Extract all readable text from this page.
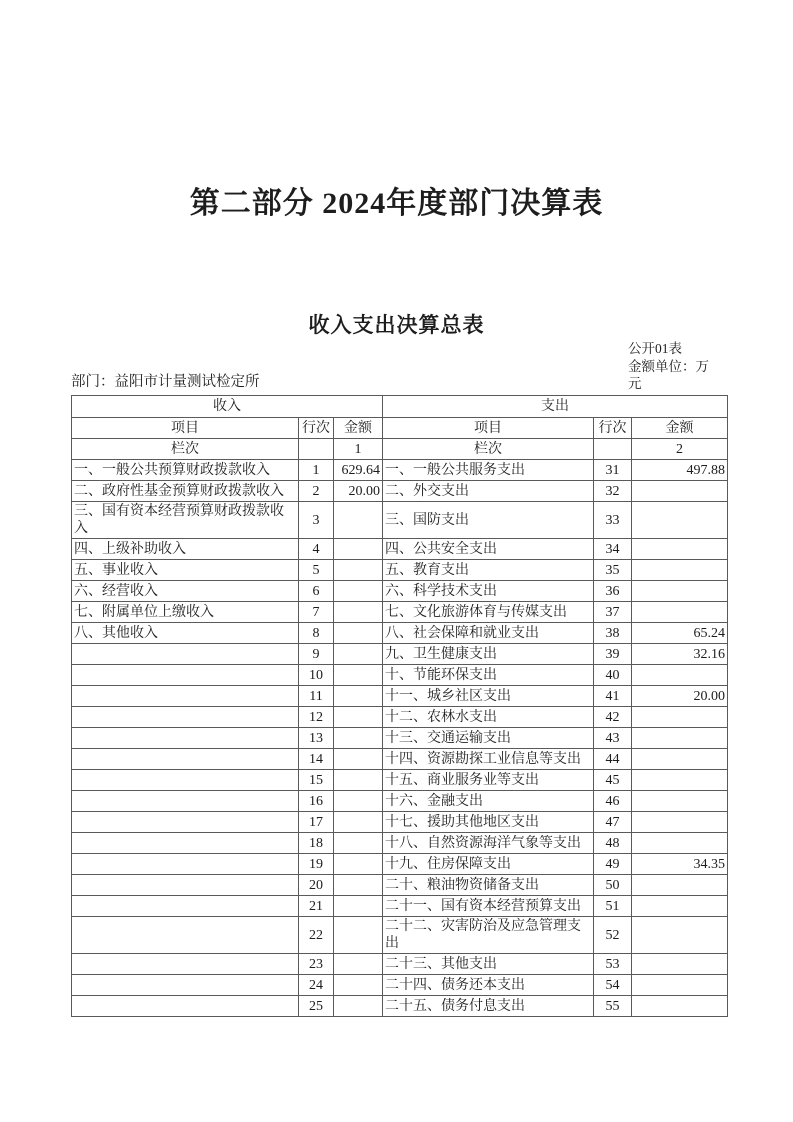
第二部分 2024年度部门决算表
收入支出决算总表
公开01表
金额单位：万元
部门：益阳市计量测试检定所
收入			支出		
项目	行次	金额	项目	行次	金额
栏次		1	栏次		2
一、一般公共预算财政拨款收入	1	629.64	一、一般公共服务支出	31	497.88
二、政府性基金预算财政拨款收入	2	20.00	二、外交支出	32	
三、国有资本经营预算财政拨款收入	3		三、国防支出	33	
四、上级补助收入	4		四、公共安全支出	34	
五、事业收入	5		五、教育支出	35	
六、经营收入	6		六、科学技术支出	36	
七、附属单位上缴收入	7		七、文化旅游体育与传媒支出	37	
八、其他收入	8		八、社会保障和就业支出	38	65.24
	9		九、卫生健康支出	39	32.16
	10		十、节能环保支出	40	
	11		十一、城乡社区支出	41	20.00
	12		十二、农林水支出	42	
	13		十三、交通运输支出	43	
	14		十四、资源勘探工业信息等支出	44	
	15		十五、商业服务业等支出	45	
	16		十六、金融支出	46	
	17		十七、援助其他地区支出	47	
	18		十八、自然资源海洋气象等支出	48	
	19		十九、住房保障支出	49	34.35
	20		二十、粮油物资储备支出	50	
	21		二十一、国有资本经营预算支出	51	
	22		二十二、灾害防治及应急管理支出	52	
	23		二十三、其他支出	53	
	24		二十四、债务还本支出	54	
	25		二十五、债务付息支出	55	
